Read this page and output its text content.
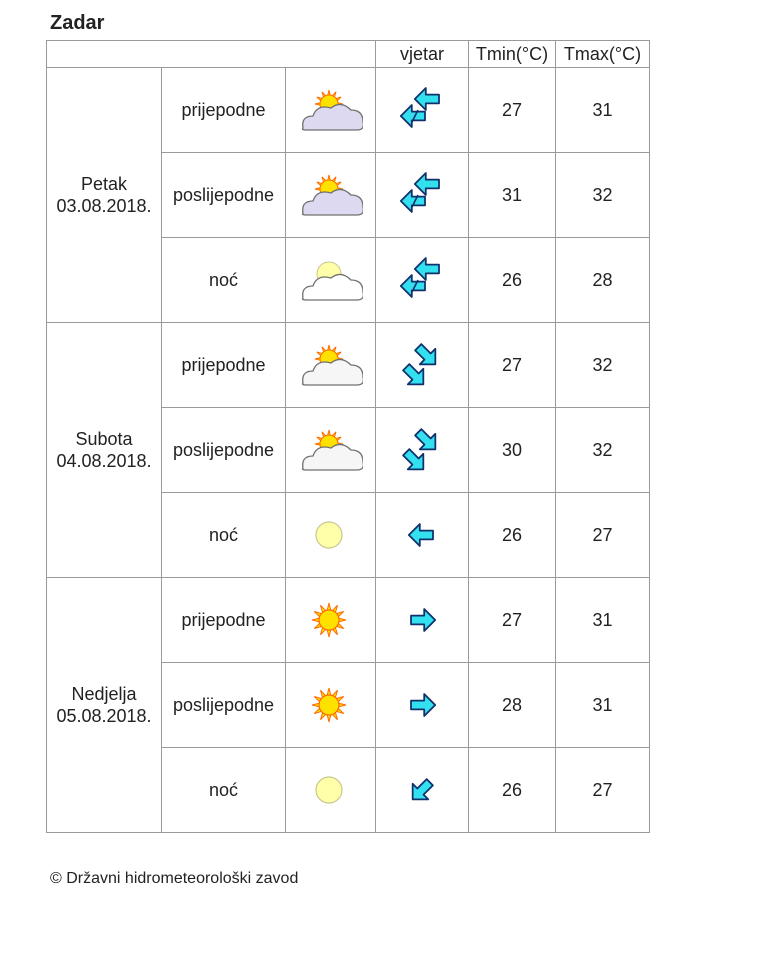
Zadar
			vjetar	Tmin(°C)	Tmax(°C)

Petak
03.08.2018.	prijepodne			27	31
	poslijepodne			31	32
	noć			26	28

Subota
04.08.2018.	prijepodne			27	32
	poslijepodne			30	32
	noć			26	27

Nedjelja
05.08.2018.	prijepodne			27	31
	poslijepodne			28	31
	noć			26	27
© Državni hidrometeorološki zavod
